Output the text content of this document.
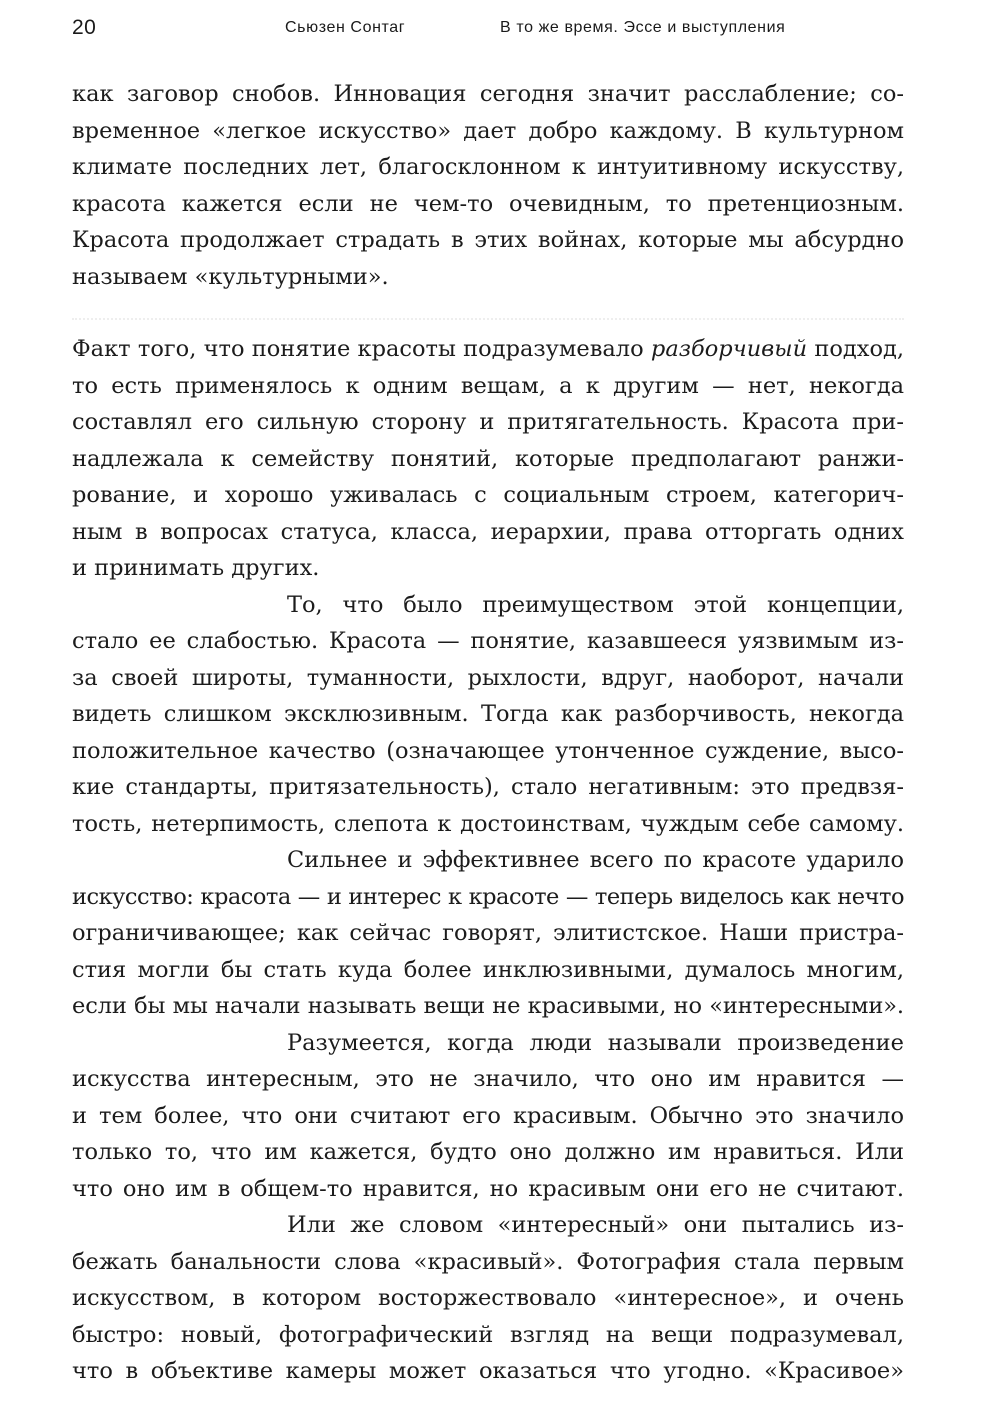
20	Сьюзен Сонтаг	В то же время. Эссе и выступления
как заговор снобов. Инновация сегодня значит расслабление; со-
временное «легкое искусство» дает добро каждому. В культурном
климате последних лет, благосклонном к интуитивному искусству,
красота кажется если не чем-то очевидным, то претенциозным.
Красота продолжает страдать в этих войнах, которые мы абсурдно
называем «культурными».
Факт того, что понятие красоты подразумевало разборчивый подход,
то есть применялось к одним вещам, а к другим — нет, некогда
составлял его сильную сторону и притягательность. Красота при-
надлежала к семейству понятий, которые предполагают ранжи-
рование, и хорошо уживалась с социальным строем, категорич-
ным в вопросах статуса, класса, иерархии, права отторгать одних
и принимать других.
То, что было преимуществом этой концепции,
стало ее слабостью. Красота — понятие, казавшееся уязвимым из-
за своей широты, туманности, рыхлости, вдруг, наоборот, начали
видеть слишком эксклюзивным. Тогда как разборчивость, некогда
положительное качество (означающее утонченное суждение, высо-
кие стандарты, притязательность), стало негативным: это предвзя-
тость, нетерпимость, слепота к достоинствам, чуждым себе самому.
Сильнее и эффективнее всего по красоте ударило
искусство: красота — и интерес к красоте — теперь виделось как нечто
ограничивающее; как сейчас говорят, элитистское. Наши пристра-
стия могли бы стать куда более инклюзивными, думалось многим,
если бы мы начали называть вещи не красивыми, но «интересными».
Разумеется, когда люди называли произведение
искусства интересным, это не значило, что оно им нравится —
и тем более, что они считают его красивым. Обычно это значило
только то, что им кажется, будто оно должно им нравиться. Или
что оно им в общем-то нравится, но красивым они его не считают.
Или же словом «интересный» они пытались из-
бежать банальности слова «красивый». Фотография стала первым
искусством, в котором восторжествовало «интересное», и очень
быстро: новый, фотографический взгляд на вещи подразумевал,
что в объективе камеры может оказаться что угодно. «Красивое»
